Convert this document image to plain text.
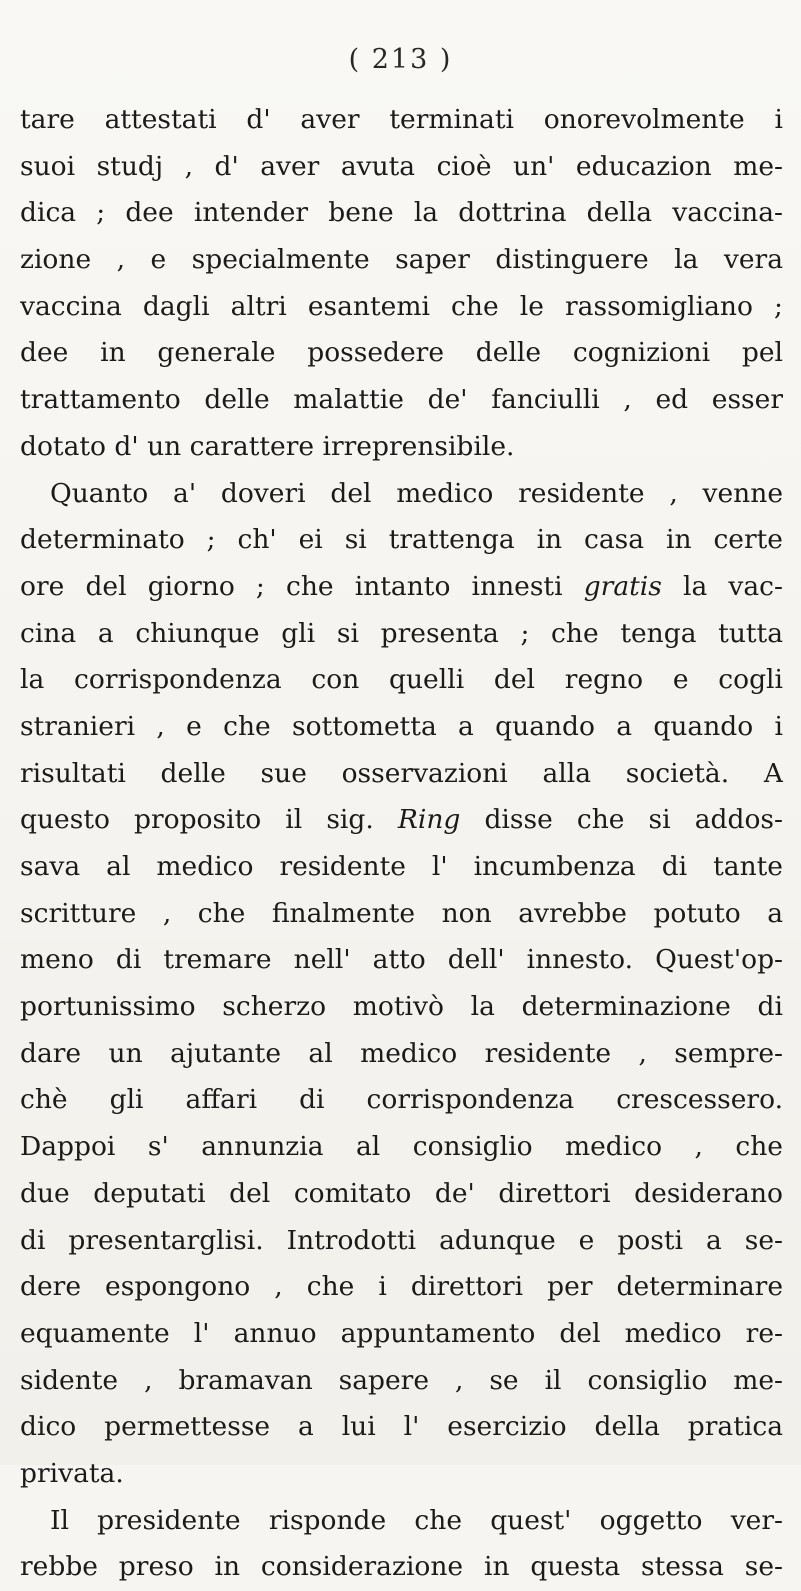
( 213 )
tare attestati d' aver terminati onorevolmente i
suoi studj , d' aver avuta cioè un' educazion me-
dica ; dee intender bene la dottrina della vaccina-
zione , e specialmente saper distinguere la vera
vaccina dagli altri esantemi che le rassomigliano ;
dee in generale possedere delle cognizioni pel
trattamento delle malattie de' fanciulli , ed esser
dotato d' un carattere irreprensibile.
Quanto a' doveri del medico residente , venne
determinato ; ch' ei si trattenga in casa in certe
ore del giorno ; che intanto innesti gratis la vac-
cina a chiunque gli si presenta ; che tenga tutta
la corrispondenza con quelli del regno e cogli
stranieri , e che sottometta a quando a quando i
risultati delle sue osservazioni alla società. A
questo proposito il sig. Ring disse che si addos-
sava al medico residente l' incumbenza di tante
scritture , che finalmente non avrebbe potuto a
meno di tremare nell' atto dell' innesto. Quest'op-
portunissimo scherzo motivò la determinazione di
dare un ajutante al medico residente , sempre-
chè gli affari di corrispondenza crescessero.
Dappoi s' annunzia al consiglio medico , che
due deputati del comitato de' direttori desiderano
di presentarglisi. Introdotti adunque e posti a se-
dere espongono , che i direttori per determinare
equamente l' annuo appuntamento del medico re-
sidente , bramavan sapere , se il consiglio me-
dico permettesse a lui l' esercizio della pratica
privata.
Il presidente risponde che quest' oggetto ver-
rebbe preso in considerazione in questa stessa se-
